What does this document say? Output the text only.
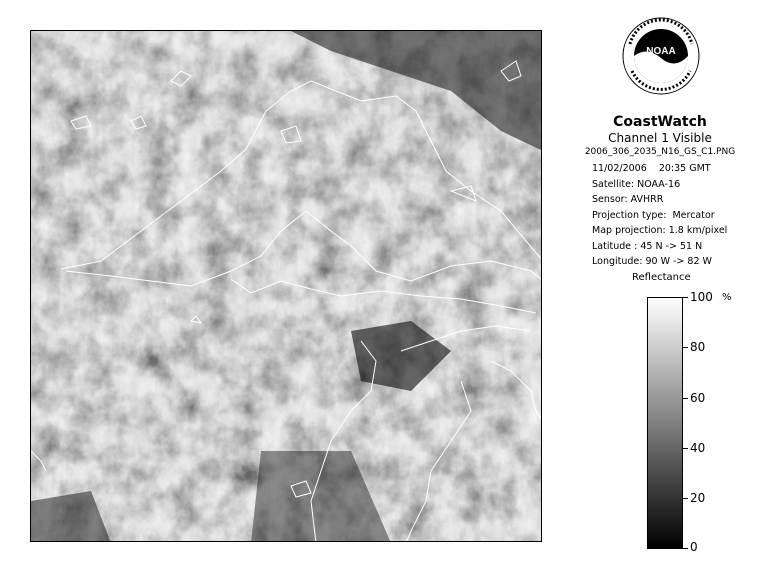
NOAA
CoastWatch
Channel 1 Visible
2006_306_2035_N16_GS_C1.PNG
11/02/2006    20:35 GMT
Satellite: NOAA-16
Sensor: AVHRR
Projection type:  Mercator
Map projection: 1.8 km/pixel
Latitude : 45 N -> 51 N
Longitude: 90 W -> 82 W
Reflectance
%
100
80
60
40
20
0
